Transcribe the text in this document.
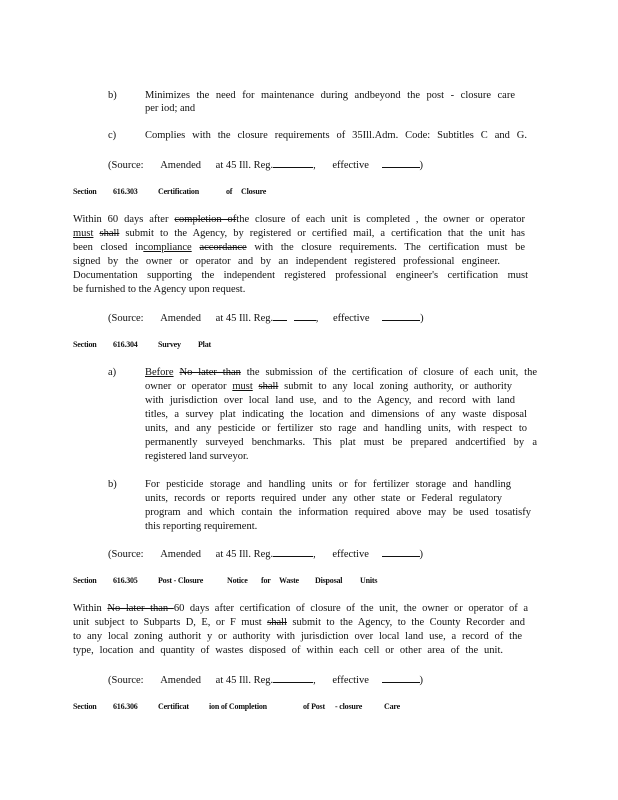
b)	Minimizes the need for maintenance during andbeyond the post - closure care
per iod; and
c)	Complies with the closure requirements of 35Ill.Adm. Code: Subtitles C and G.
(Source: Amended at 45 Ill. Reg.	, effective	)
Section 616.303	Certification	of Closure
Within 60 days after completion ofthe closure of each unit is completed , the owner or operator
must shall submit to the Agency, by registered or certified mail, a certification that the unit has
been closed incompliance accordance with the closure requirements. The certification must be
signed by the owner or operator and by an independent registered professional engineer.
Documentation supporting the independent registered professional engineer's certification must
be furnished to the Agency upon request.
(Source: Amended at 45 Ill. Reg.	, effective	)
Section 616.304	Survey Plat
a)	Before No later than the submission of the certification of closure of each unit, the
owner or operator must shall submit to any local zoning authority, or authority
with jurisdiction over local land use, and to the Agency, and record with land
titles, a survey plat indicating the location and dimensions of any waste disposal
units, and any pesticide or fertilizer sto rage and handling units, with respect to
permanently surveyed benchmarks. This plat must be prepared andcertified by a
registered land surveyor.
b)	For pesticide storage and handling units or for fertilizer storage and handling
units, records or reports required under any other state or Federal regulatory
program and which contain the information required above may be used tosatisfy
this reporting requirement.
(Source: Amended at 45 Ill. Reg.	, effective	)
Section 616.305	Post - Closure	Notice for Waste Disposal Units
Within No later than 60 days after certification of closure of the unit, the owner or operator of a
unit subject to Subparts D, E, or F must shall submit to the Agency, to the County Recorder and
to any local zoning authorit y or authority with jurisdiction over local land use, a record of the
type, location and quantity of wastes disposed of within each cell or other area of the unit.
(Source: Amended at 45 Ill. Reg.	, effective	)
Section 616.306	Certificat	ion of Completion	of Post - closure	Care
